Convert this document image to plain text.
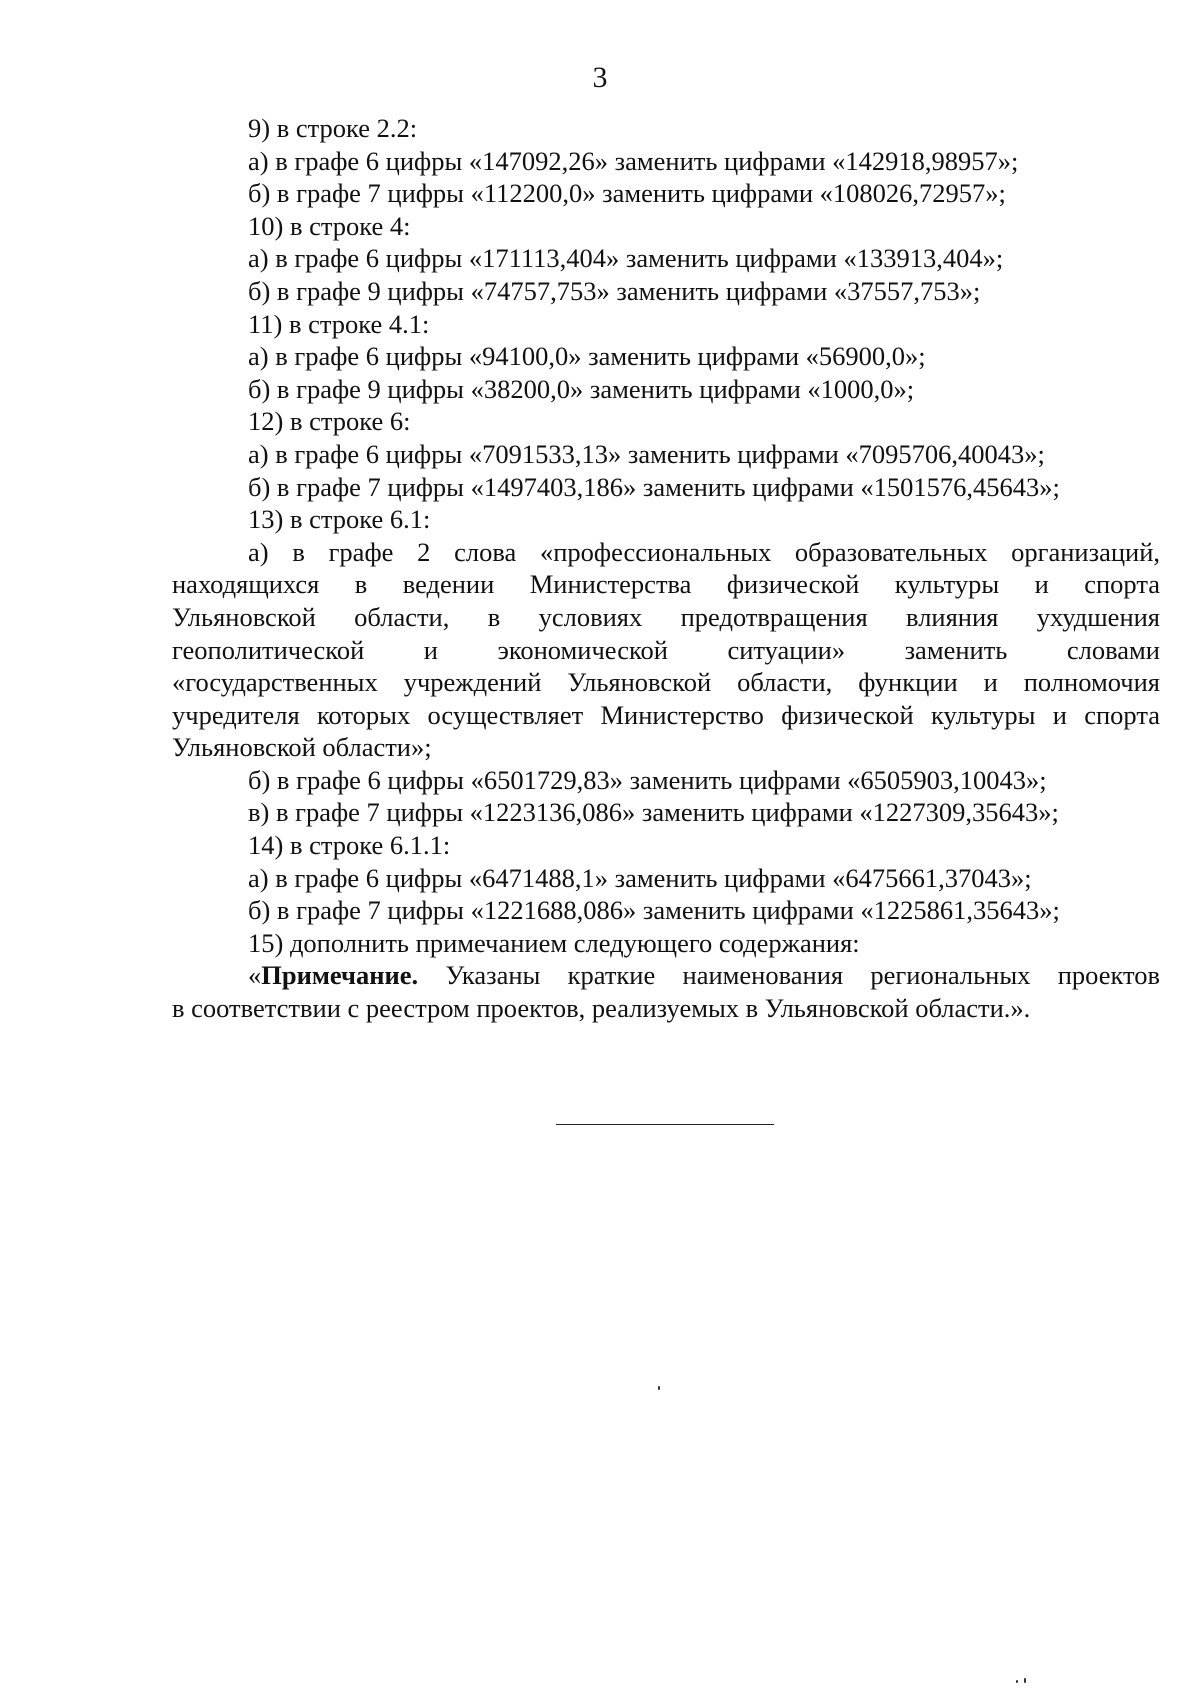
3

9) в строке 2.2:

а) в графе 6 цифры «147092,26» заменить цифрами «142918,98957»;

б) в графе 7 цифры «112200,0» заменить цифрами «108026,72957»;

10) в строке 4:

а) в графе 6 цифры «171113,404» заменить цифрами «133913,404»;

б) в графе 9 цифры «74757,753» заменить цифрами «37557,753»;

11) в строке 4.1:

а) в графе 6 цифры «94100,0» заменить цифрами «56900,0»;

б) в графе 9 цифры «38200,0» заменить цифрами «1000,0»;

12) в строке 6:

а) в графе 6 цифры «7091533,13» заменить цифрами «7095706,40043»;

б) в графе 7 цифры «1497403,186» заменить цифрами «1501576,45643»;

13) в строке 6.1:

а) в графе 2 слова «профессиональных образовательных организаций,
находящихся в ведении Министерства физической культуры и спорта
Ульяновской области, в условиях предотвращения влияния ухудшения
геополитической и экономической ситуации» заменить словами
«государственных учреждений Ульяновской области, функции и полномочия
учредителя которых осуществляет Министерство физической культуры и спорта
Ульяновской области»;

б) в графе 6 цифры «6501729,83» заменить цифрами «6505903,10043»;

в) в графе 7 цифры «1223136,086» заменить цифрами «1227309,35643»;

14) в строке 6.1.1:

а) в графе 6 цифры «6471488,1» заменить цифрами «6475661,37043»;

б) в графе 7 цифры «1221688,086» заменить цифрами «1225861,35643»;

15) дополнить примечанием следующего содержания:

«Примечание. Указаны краткие наименования региональных проектов
в соответствии с реестром проектов, реализуемых в Ульяновской области.».
